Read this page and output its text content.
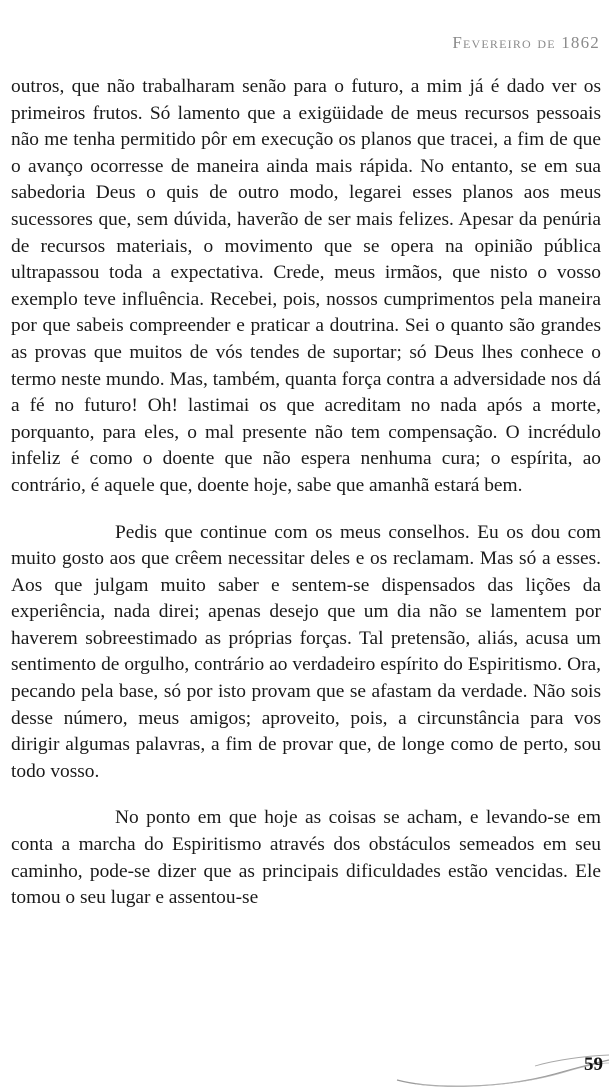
Fevereiro de 1862

outros, que não trabalharam senão para o futuro, a mim já é dado ver os primeiros frutos. Só lamento que a exigüidade de meus recursos pessoais não me tenha permitido pôr em execução os planos que tracei, a fim de que o avanço ocorresse de maneira ainda mais rápida. No entanto, se em sua sabedoria Deus o quis de outro modo, legarei esses planos aos meus sucessores que, sem dúvida, haverão de ser mais felizes. Apesar da penúria de recursos materiais, o movimento que se opera na opinião pública ultrapassou toda a expectativa. Crede, meus irmãos, que nisto o vosso exemplo teve influência. Recebei, pois, nossos cumprimentos pela maneira por que sabeis compreender e praticar a doutrina. Sei o quanto são grandes as provas que muitos de vós tendes de suportar; só Deus lhes conhece o termo neste mundo. Mas, também, quanta força contra a adversidade nos dá a fé no futuro! Oh! lastimai os que acreditam no nada após a morte, porquanto, para eles, o mal presente não tem compensação. O incrédulo infeliz é como o doente que não espera nenhuma cura; o espírita, ao contrário, é aquele que, doente hoje, sabe que amanhã estará bem.

Pedis que continue com os meus conselhos. Eu os dou com muito gosto aos que crêem necessitar deles e os reclamam. Mas só a esses. Aos que julgam muito saber e sentem-se dispensados das lições da experiência, nada direi; apenas desejo que um dia não se lamentem por haverem sobreestimado as próprias forças. Tal pretensão, aliás, acusa um sentimento de orgulho, contrário ao verdadeiro espírito do Espiritismo. Ora, pecando pela base, só por isto provam que se afastam da verdade. Não sois desse número, meus amigos; aproveito, pois, a circunstância para vos dirigir algumas palavras, a fim de provar que, de longe como de perto, sou todo vosso.

No ponto em que hoje as coisas se acham, e levando-se em conta a marcha do Espiritismo através dos obstáculos semeados em seu caminho, pode-se dizer que as principais dificuldades estão vencidas. Ele tomou o seu lugar e assentou-se

59
